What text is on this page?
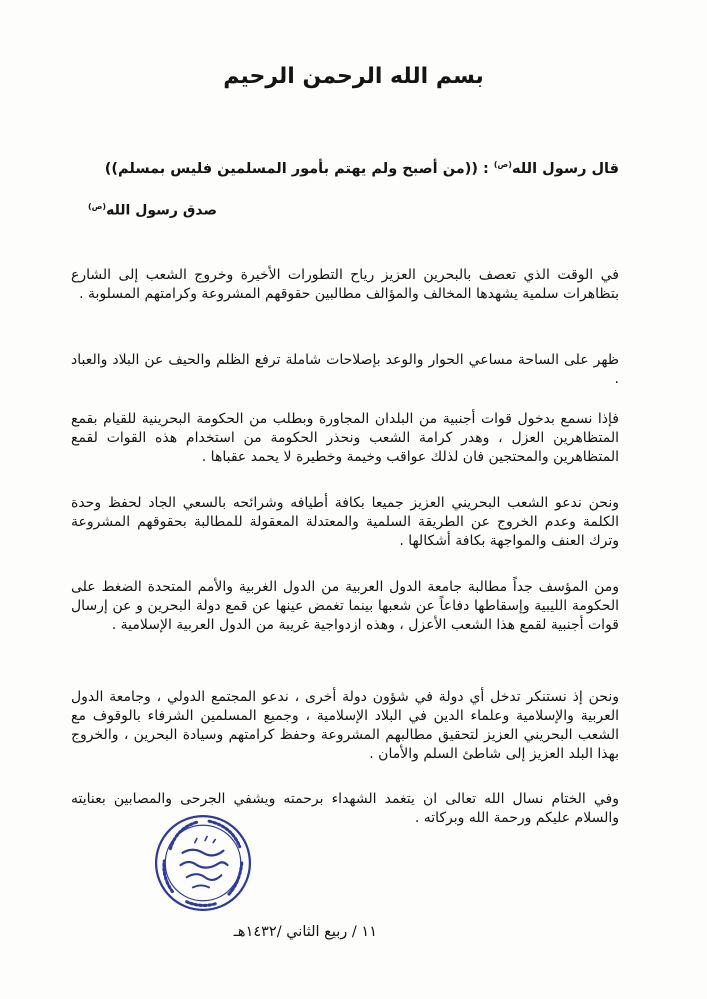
بسم الله الرحمن الرحيم
قال رسول الله$^{(ص)}$ : ((من أصبح ولم يهتم بأمور المسلمين فليس بمسلم))
صدق رسول الله$^{(ص)}$

في الوقت الذي تعصف بالبحرين العزيز رياح التطورات الأخيرة وخروج الشعب إلى الشارع بتظاهرات سلمية يشهدها المخالف والمؤالف مطالبين حقوقهم المشروعة وكرامتهم المسلوبة .

ظهر على الساحة مساعي الحوار والوعد بإصلاحات شاملة ترفع الظلم والحيف عن البلاد والعباد .

فإذا نسمع بدخول قوات أجنبية من البلدان المجاورة وبطلب من الحكومة البحرينية للقيام بقمع المتظاهرين العزل ، وهدر كرامة الشعب ونحذر الحكومة من استخدام هذه القوات لقمع المتظاهرين والمحتجين فان لذلك عواقب وخيمة وخطيرة لا يحمد عقباها .

ونحن ندعو الشعب البحريني العزيز جميعا بكافة أطيافه وشرائحه بالسعي الجاد لحفظ وحدة الكلمة وعدم الخروج عن الطريقة السلمية والمعتدلة المعقولة للمطالبة بحقوقهم المشروعة وترك العنف والمواجهة بكافة أشكالها .

ومن المؤسف جداً مطالبة جامعة الدول العربية من الدول الغربية والأمم المتحدة الضغط على الحكومة الليبية وإسقاطها دفاعاً عن شعبها بينما تغمض عينها عن قمع دولة البحرين و عن إرسال قوات أجنبية لقمع هذا الشعب الأعزل ، وهذه ازدواجية غريبة من الدول العربية الإسلامية .

ونحن إذ نستنكر تدخل أي دولة في شؤون دولة أخرى ، ندعو المجتمع الدولي ، وجامعة الدول العربية والإسلامية وعلماء الدين في البلاد الإسلامية ، وجميع المسلمين الشرفاء بالوقوف مع الشعب البحريني العزيز لتحقيق مطالبهم المشروعة وحفظ كرامتهم وسيادة البحرين ، والخروج بهذا البلد العزيز إلى شاطئ السلم والأمان .

وفي الختام نسال الله تعالى ان يتغمد الشهداء برحمته ويشفي الجرحى والمصابين بعنايته والسلام عليكم ورحمة الله وبركاته .

١١ / ربيع الثاني /١٤٣٢هـ
